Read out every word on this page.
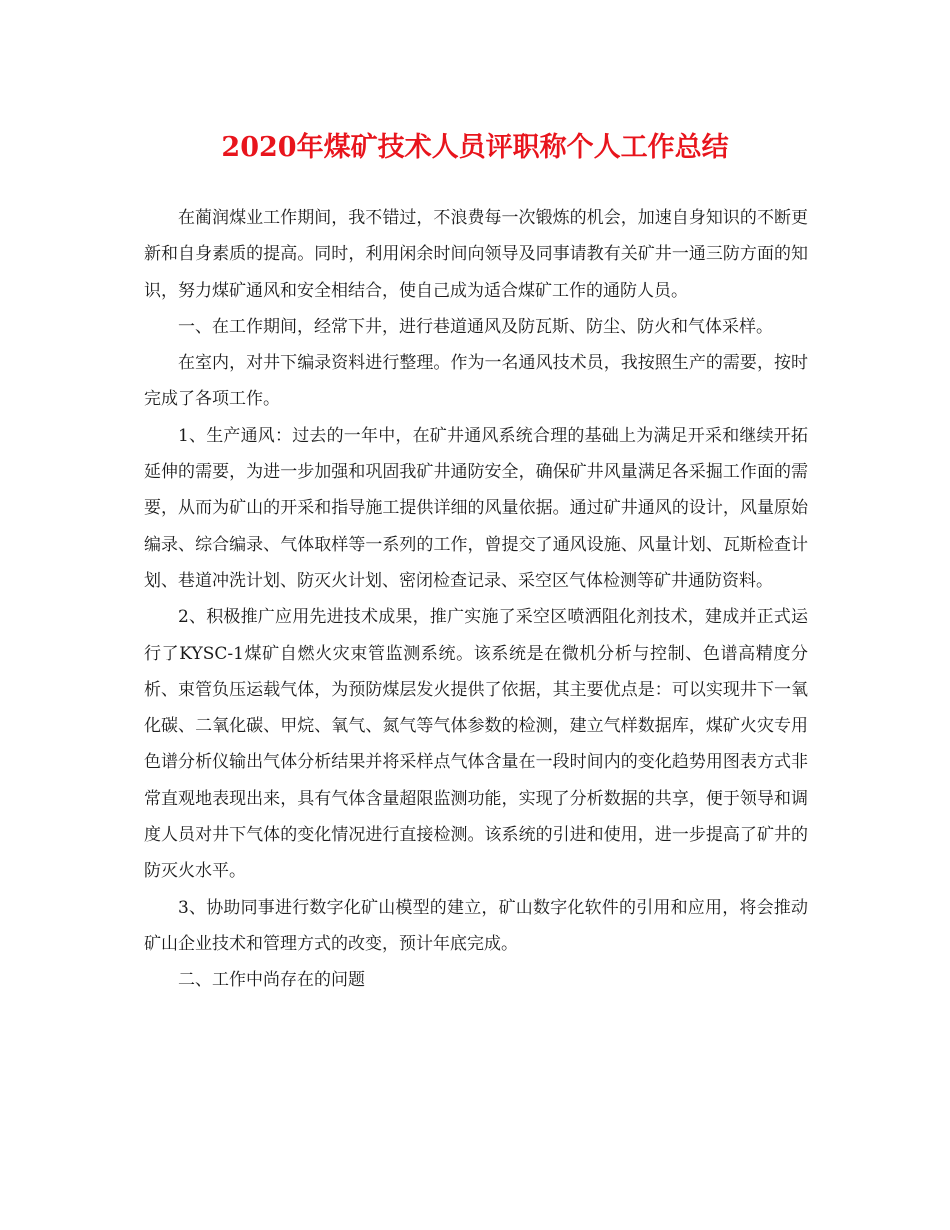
2020年煤矿技术人员评职称个人工作总结

在蔺润煤业工作期间，我不错过，不浪费每一次锻炼的机会，加速自身知识的不断更新和自身素质的提高。同时，利用闲余时间向领导及同事请教有关矿井一通三防方面的知识，努力煤矿通风和安全相结合，使自己成为适合煤矿工作的通防人员。

一、在工作期间，经常下井，进行巷道通风及防瓦斯、防尘、防火和气体采样。

在室内，对井下编录资料进行整理。作为一名通风技术员，我按照生产的需要，按时完成了各项工作。

1、生产通风：过去的一年中，在矿井通风系统合理的基础上为满足开采和继续开拓延伸的需要，为进一步加强和巩固我矿井通防安全，确保矿井风量满足各采掘工作面的需要，从而为矿山的开采和指导施工提供详细的风量依据。通过矿井通风的设计，风量原始编录、综合编录、气体取样等一系列的工作，曾提交了通风设施、风量计划、瓦斯检查计划、巷道冲洗计划、防灭火计划、密闭检查记录、采空区气体检测等矿井通防资料。

2、积极推广应用先进技术成果，推广实施了采空区喷洒阻化剂技术，建成并正式运行了KYSC-1煤矿自燃火灾束管监测系统。该系统是在微机分析与控制、色谱高精度分析、束管负压运载气体，为预防煤层发火提供了依据，其主要优点是：可以实现井下一氧化碳、二氧化碳、甲烷、氧气、氮气等气体参数的检测，建立气样数据库，煤矿火灾专用色谱分析仪输出气体分析结果并将采样点气体含量在一段时间内的变化趋势用图表方式非常直观地表现出来，具有气体含量超限监测功能，实现了分析数据的共享，便于领导和调度人员对井下气体的变化情况进行直接检测。该系统的引进和使用，进一步提高了矿井的防灭火水平。

3、协助同事进行数字化矿山模型的建立，矿山数字化软件的引用和应用，将会推动矿山企业技术和管理方式的改变，预计年底完成。

二、工作中尚存在的问题
